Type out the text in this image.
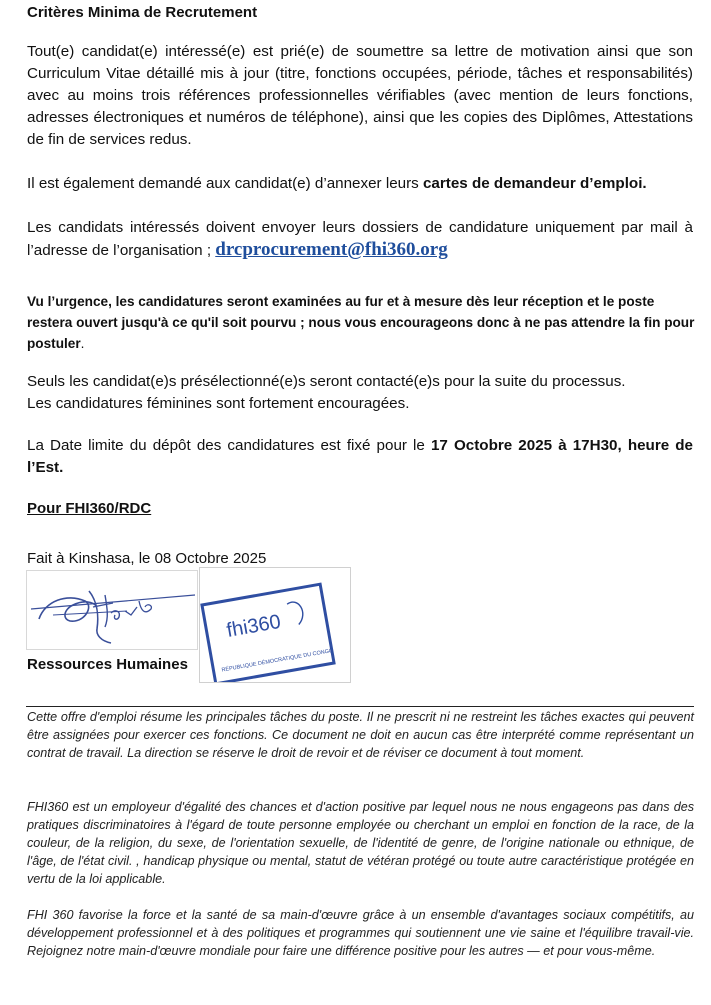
Critères Minima de Recrutement
Tout(e) candidat(e) intéressé(e) est prié(e) de soumettre sa lettre de motivation ainsi que son Curriculum Vitae détaillé mis à jour (titre, fonctions occupées, période, tâches et responsabilités) avec au moins trois références professionnelles vérifiables (avec mention de leurs fonctions, adresses électroniques et numéros de téléphone), ainsi que les copies des Diplômes, Attestations de fin de services redus.
Il est également demandé aux candidat(e) d’annexer leurs cartes de demandeur d’emploi.
Les candidats intéressés doivent envoyer leurs dossiers de candidature uniquement par mail à l’adresse de l’organisation ; drcprocurement@fhi360.org
Vu l’urgence, les candidatures seront examinées au fur et à mesure dès leur réception et le poste restera ouvert jusqu'à ce qu'il soit pourvu ; nous vous encourageons donc à ne pas attendre la fin pour postuler.
Seuls les candidat(e)s présélectionné(e)s seront contacté(e)s pour la suite du processus.
Les candidatures féminines sont fortement encouragées.
La Date limite du dépôt des candidatures est fixé pour le 17 Octobre 2025 à 17H30, heure de l’Est.
Pour FHI360/RDC
Fait à Kinshasa, le 08 Octobre 2025
fhi360
RÉPUBLIQUE DÉMOCRATIQUE DU CONGO
Ressources Humaines
Cette offre d'emploi résume les principales tâches du poste. Il ne prescrit ni ne restreint les tâches exactes qui peuvent être assignées pour exercer ces fonctions. Ce document ne doit en aucun cas être interprété comme représentant un contrat de travail. La direction se réserve le droit de revoir et de réviser ce document à tout moment.
FHI360 est un employeur d'égalité des chances et d'action positive par lequel nous ne nous engageons pas dans des pratiques discriminatoires à l'égard de toute personne employée ou cherchant un emploi en fonction de la race, de la couleur, de la religion, du sexe, de l'orientation sexuelle, de l'identité de genre, de l'origine nationale ou ethnique, de l'âge, de l'état civil. , handicap physique ou mental, statut de vétéran protégé ou toute autre caractéristique protégée en vertu de la loi applicable.
FHI 360 favorise la force et la santé de sa main-d'œuvre grâce à un ensemble d'avantages sociaux compétitifs, au développement professionnel et à des politiques et programmes qui soutiennent une vie saine et l'équilibre travail-vie. Rejoignez notre main-d'œuvre mondiale pour faire une différence positive pour les autres — et pour vous-même.
